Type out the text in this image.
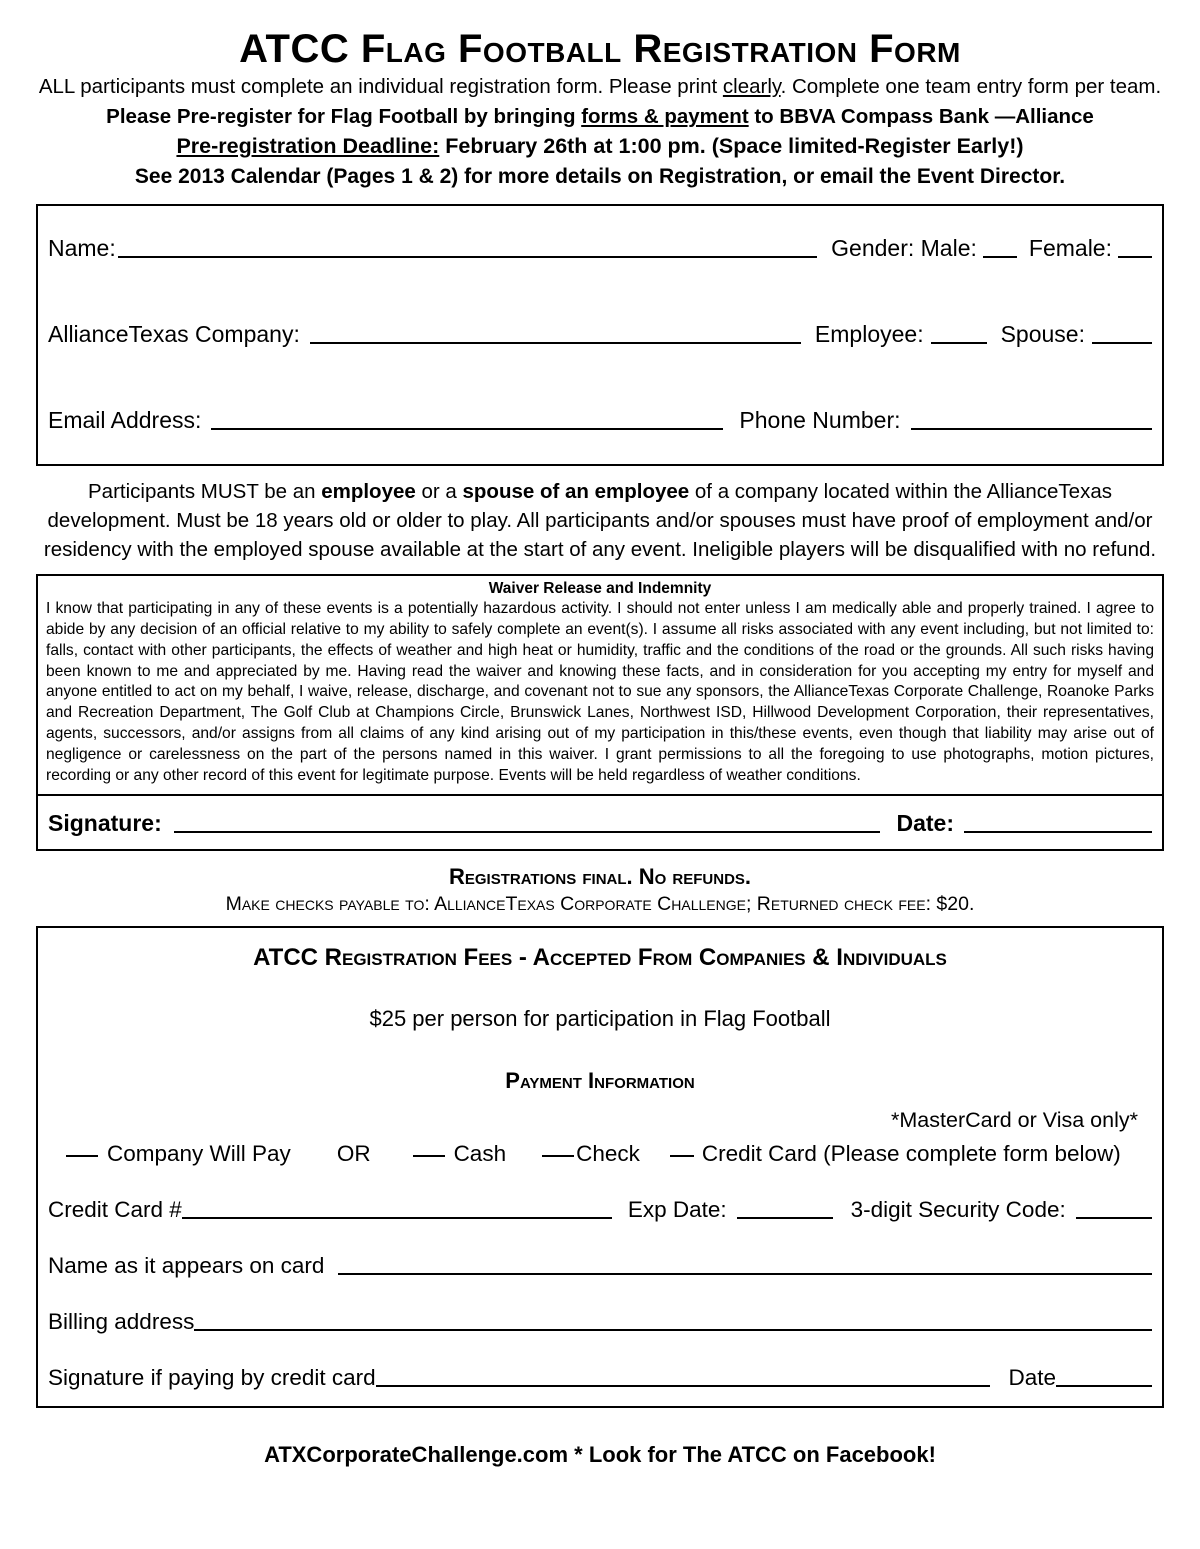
ATCC Flag Football Registration Form
ALL participants must complete an individual registration form. Please print clearly. Complete one team entry form per team.
Please Pre-register for Flag Football by bringing forms & payment to BBVA Compass Bank —Alliance
Pre-registration Deadline: February 26th at 1:00 pm. (Space limited-Register Early!)
See 2013 Calendar (Pages 1 & 2) for more details on Registration, or email the Event Director.
Name:	Gender: Male:	Female:
AllianceTexas Company:	Employee:	Spouse:
Email Address:	Phone Number:
Participants MUST be an employee or a spouse of an employee of a company located within the AllianceTexas development. Must be 18 years old or older to play. All participants and/or spouses must have proof of employment and/or residency with the employed spouse available at the start of any event. Ineligible players will be disqualified with no refund.
Waiver Release and Indemnity
I know that participating in any of these events is a potentially hazardous activity. I should not enter unless I am medically able and properly trained. I agree to abide by any decision of an official relative to my ability to safely complete an event(s). I assume all risks associated with any event including, but not limited to: falls, contact with other participants, the effects of weather and high heat or humidity, traffic and the conditions of the road or the grounds. All such risks having been known to me and appreciated by me. Having read the waiver and knowing these facts, and in consideration for you accepting my entry for myself and anyone entitled to act on my behalf, I waive, release, discharge, and covenant not to sue any sponsors, the AllianceTexas Corporate Challenge, Roanoke Parks and Recreation Department, The Golf Club at Champions Circle, Brunswick Lanes, Northwest ISD, Hillwood Development Corporation, their representatives, agents, successors, and/or assigns from all claims of any kind arising out of my participation in this/these events, even though that liability may arise out of negligence or carelessness on the part of the persons named in this waiver. I grant permissions to all the foregoing to use photographs, motion pictures, recording or any other record of this event for legitimate purpose. Events will be held regardless of weather conditions.
Signature:	Date:
Registrations final. No refunds.
Make checks payable to: AllianceTexas Corporate Challenge; Returned check fee: $20.
ATCC Registration Fees - Accepted From Companies & Individuals
$25 per person for participation in Flag Football
Payment Information
*MasterCard or Visa only*
Company Will Pay	OR	Cash	Check	Credit Card (Please complete form below)
Credit Card #	Exp Date:	3-digit Security Code:
Name as it appears on card
Billing address
Signature if paying by credit card	Date
ATXCorporateChallenge.com * Look for The ATCC on Facebook!
